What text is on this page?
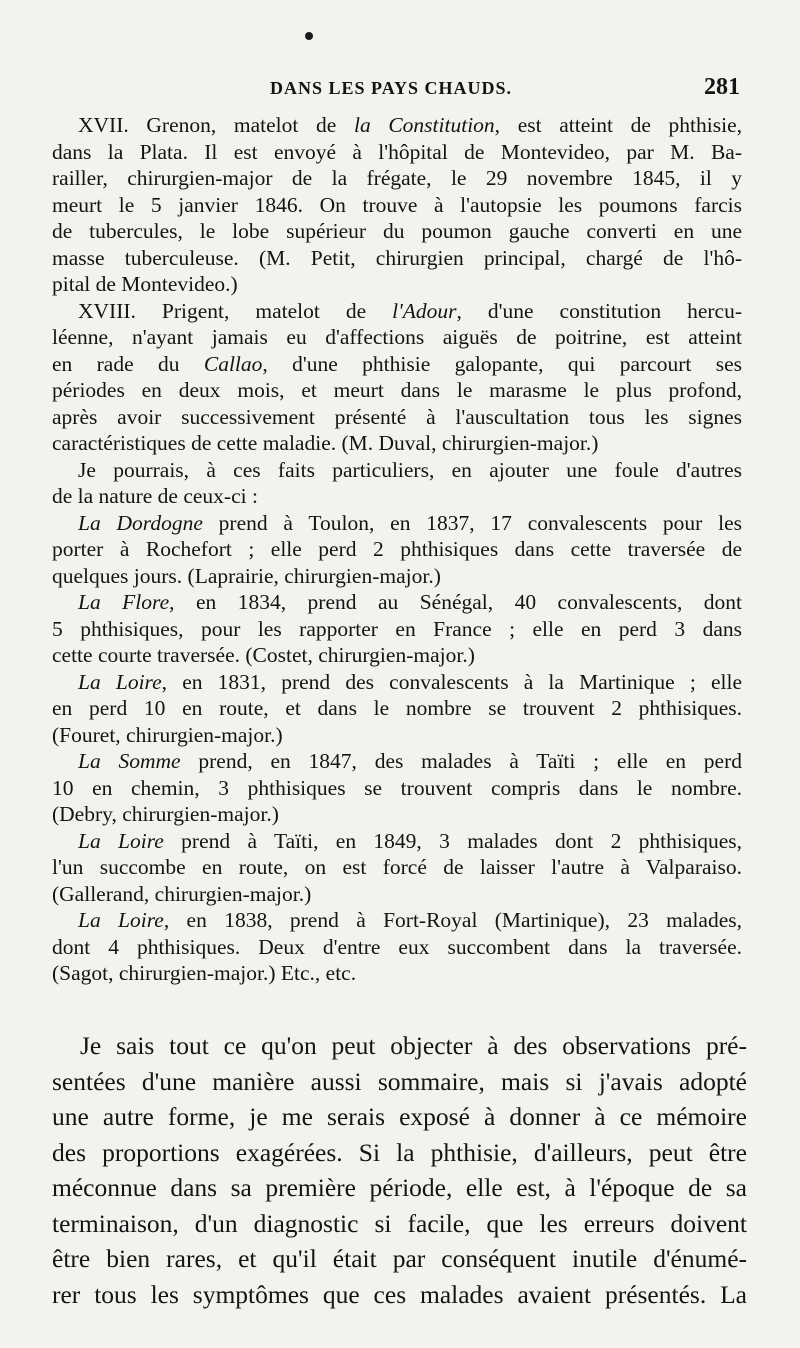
DANS LES PAYS CHAUDS.	281
XVII. Grenon, matelot de la Constitution, est atteint de phthisie,
dans la Plata. Il est envoyé à l'hôpital de Montevideo, par M. Ba-
railler, chirurgien-major de la frégate, le 29 novembre 1845, il y
meurt le 5 janvier 1846. On trouve à l'autopsie les poumons farcis
de tubercules, le lobe supérieur du poumon gauche converti en une
masse tuberculeuse. (M. Petit, chirurgien principal, chargé de l'hô-
pital de Montevideo.)
XVIII. Prigent, matelot de l'Adour, d'une constitution hercu-
léenne, n'ayant jamais eu d'affections aiguës de poitrine, est atteint
en rade du Callao, d'une phthisie galopante, qui parcourt ses
périodes en deux mois, et meurt dans le marasme le plus profond,
après avoir successivement présenté à l'auscultation tous les signes
caractéristiques de cette maladie. (M. Duval, chirurgien-major.)
Je pourrais, à ces faits particuliers, en ajouter une foule d'autres
de la nature de ceux-ci :
La Dordogne prend à Toulon, en 1837, 17 convalescents pour les
porter à Rochefort ; elle perd 2 phthisiques dans cette traversée de
quelques jours. (Laprairie, chirurgien-major.)
La Flore, en 1834, prend au Sénégal, 40 convalescents, dont
5 phthisiques, pour les rapporter en France ; elle en perd 3 dans
cette courte traversée. (Costet, chirurgien-major.)
La Loire, en 1831, prend des convalescents à la Martinique ; elle
en perd 10 en route, et dans le nombre se trouvent 2 phthisiques.
(Fouret, chirurgien-major.)
La Somme prend, en 1847, des malades à Taïti ; elle en perd
10 en chemin, 3 phthisiques se trouvent compris dans le nombre.
(Debry, chirurgien-major.)
La Loire prend à Taïti, en 1849, 3 malades dont 2 phthisiques,
l'un succombe en route, on est forcé de laisser l'autre à Valparaiso.
(Gallerand, chirurgien-major.)
La Loire, en 1838, prend à Fort-Royal (Martinique), 23 malades,
dont 4 phthisiques. Deux d'entre eux succombent dans la traversée.
(Sagot, chirurgien-major.) Etc., etc.
Je sais tout ce qu'on peut objecter à des observations pré-
sentées d'une manière aussi sommaire, mais si j'avais adopté
une autre forme, je me serais exposé à donner à ce mémoire
des proportions exagérées. Si la phthisie, d'ailleurs, peut être
méconnue dans sa première période, elle est, à l'époque de sa
terminaison, d'un diagnostic si facile, que les erreurs doivent
être bien rares, et qu'il était par conséquent inutile d'énumé-
rer tous les symptômes que ces malades avaient présentés. La
